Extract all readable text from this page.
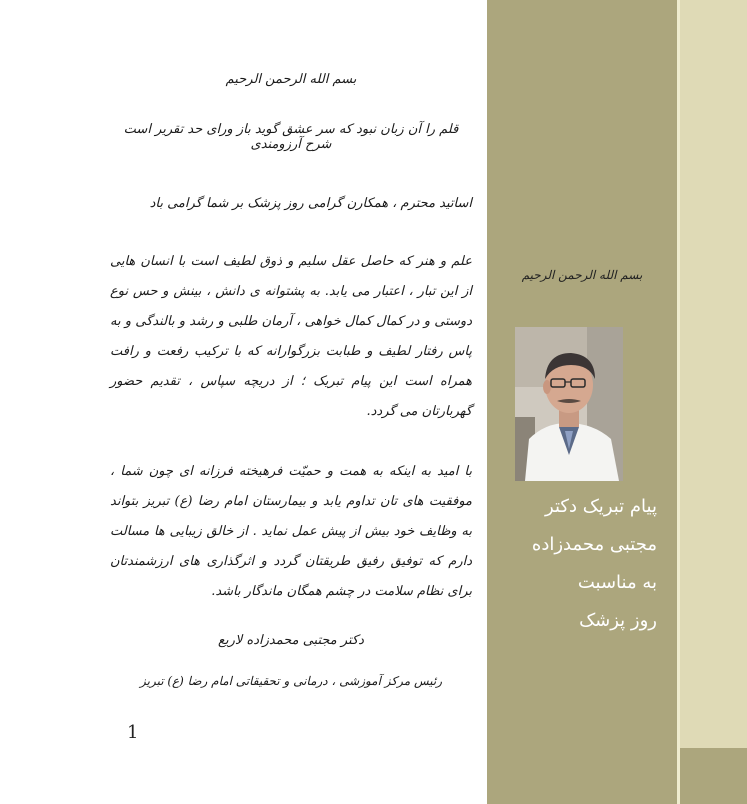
بسم الله الرحمن الرحیم

قلم را آن زبان نبود که سر عشق گوید باز ورای حد تقریر است شرح آرزومندی

اساتید محترم ، همکارن گرامی روز پزشک بر شما گرامی باد

علم و هنر که حاصل عقل سلیم و ذوق لطیف است با انسان هایی از این تبار ، اعتبار می یابد. به پشتوانه ی دانش ، بینش و حس نوع دوستی و در کمال کمال خواهی ، آرمان طلبی و رشد و بالندگی و به پاس رفتار لطیف و طبابت بزرگوارانه که با ترکیب رفعت و رافت همراه است این پیام تبریک ؛ از دریچه سپاس ، تقدیم حضور گهربارتان می گردد.

با امید به اینکه به همت و حمیّت فرهیخته فرزانه ای چون شما ، موفقیت های تان تداوم یابد و بیمارستان امام رضا (ع) تبریز بتواند به وظایف خود بیش از پیش عمل نماید . از خالق زیبایی ها مسالت دارم که توفیق رفیق طریقتان گردد و اثرگذاری های ارزشمندتان برای نظام سلامت در چشم همگان ماندگار باشد.

دکتر مجتبی محمدزاده لاریع

رئیس مرکز آموزشی ، درمانی و تحقیقاتی امام رضا (ع) تبریز

1
بسم الله الرحمن الرحیم
پیام تبریک دکتر
مجتبی محمدزاده
به مناسبت
روز پزشک
